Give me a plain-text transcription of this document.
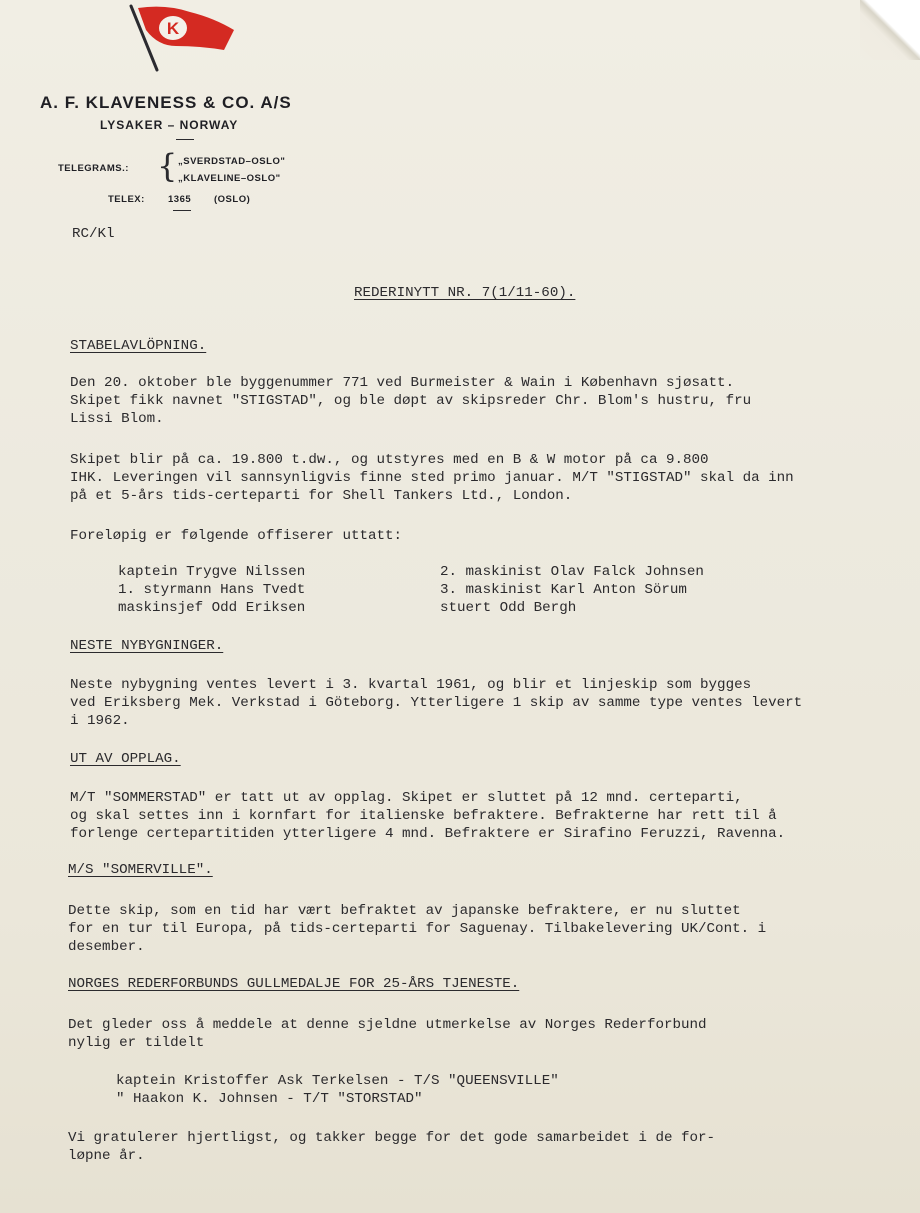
K
A. F. KLAVENESS & CO. A/S
LYSAKER – NORWAY
TELEGRAMS.: { „SVERDSTAD–OSLO"
„KLAVELINE–OSLO"
TELEX: 1365 (OSLO)
RC/Kl
REDERINYTT NR. 7(1/11-60).
STABELAVLÖPNING.
Den 20. oktober ble byggenummer 771 ved Burmeister & Wain i København sjøsatt.
Skipet fikk navnet "STIGSTAD", og ble døpt av skipsreder Chr. Blom's hustru, fru
Lissi Blom.
Skipet blir på ca. 19.800 t.dw., og utstyres med en B & W motor på ca 9.800
IHK. Leveringen vil sannsynligvis finne sted primo januar. M/T "STIGSTAD" skal da inn
på et 5-års tids-certeparti for Shell Tankers Ltd., London.
Foreløpig er følgende offiserer uttatt:
kaptein Trygve Nilssen
1. styrmann Hans Tvedt
maskinsjef Odd Eriksen
2. maskinist Olav Falck Johnsen
3. maskinist Karl Anton Sörum
stuert Odd Bergh
NESTE NYBYGNINGER.
Neste nybygning ventes levert i 3. kvartal 1961, og blir et linjeskip som bygges
ved Eriksberg Mek. Verkstad i Göteborg. Ytterligere 1 skip av samme type ventes levert
i 1962.
UT AV OPPLAG.
M/T "SOMMERSTAD" er tatt ut av opplag. Skipet er sluttet på 12 mnd. certeparti,
og skal settes inn i kornfart for italienske befraktere. Befrakterne har rett til å
forlenge certepartitiden ytterligere 4 mnd. Befraktere er Sirafino Feruzzi, Ravenna.
M/S "SOMERVILLE".
Dette skip, som en tid har vært befraktet av japanske befraktere, er nu sluttet
for en tur til Europa, på tids-certeparti for Saguenay. Tilbakelevering UK/Cont. i
desember.
NORGES REDERFORBUNDS GULLMEDALJE FOR 25-ÅRS TJENESTE.
Det gleder oss å meddele at denne sjeldne utmerkelse av Norges Rederforbund
nylig er tildelt
kaptein Kristoffer Ask Terkelsen - T/S "QUEENSVILLE"
" Haakon K. Johnsen - T/T "STORSTAD"
Vi gratulerer hjertligst, og takker begge for det gode samarbeidet i de for-
løpne år.
